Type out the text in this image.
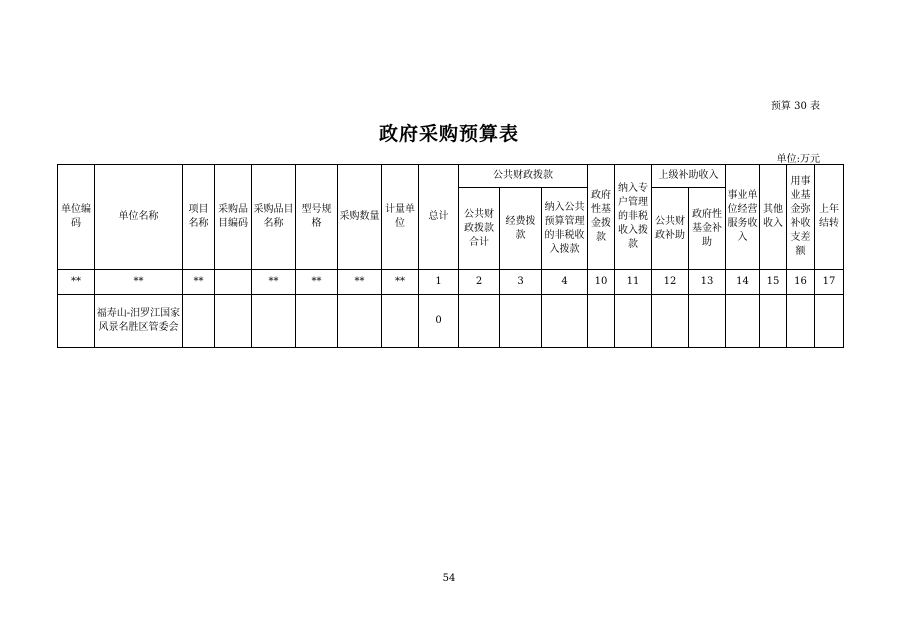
预算 30 表
政府采购预算表
单位:万元
单位编码	单位名称	项目名称	采购品目编码	采购品目名称	型号规格	采购数量	计量单位	总计	公共财政拨款			政府性基金拨款	纳入专户管理的非税收入拨款	上级补助收入		事业单位经营服务收入	其他收入	用事业基金弥补收支差额	上年结转
									公共财政拨款合计	经费拨款	纳入公共预算管理的非税收入拨款			公共财政补助	政府性基金补助				
**	**	**		**	**	**	**	1	2	3	4	10	11	12	13	14	15	16	17
	福寿山-汨罗江国家风景名胜区管委会							0											
54
